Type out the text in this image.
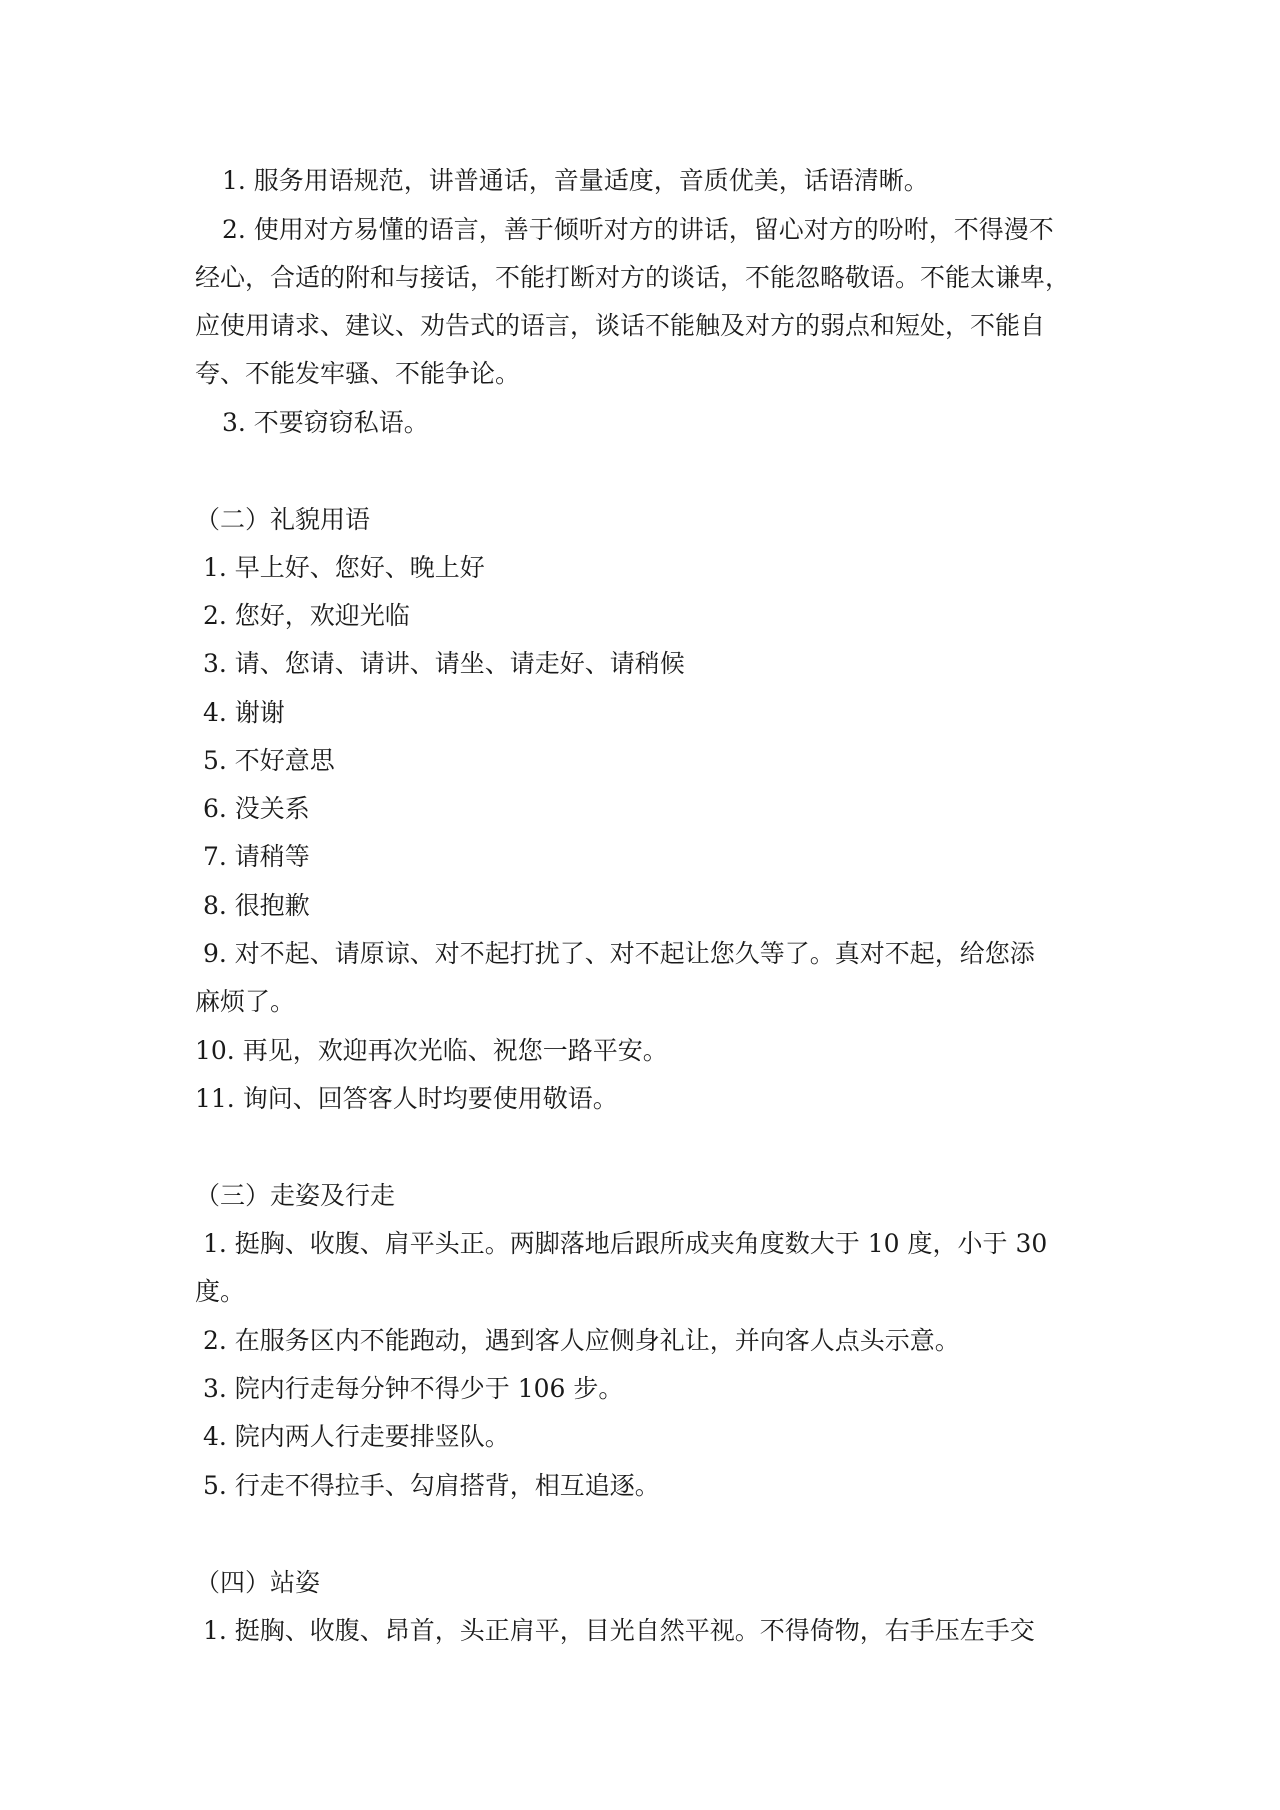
1. 服务用语规范，讲普通话，音量适度，音质优美，话语清晰。
2. 使用对方易懂的语言，善于倾听对方的讲话，留心对方的吩咐，不得漫不
经心，合适的附和与接话，不能打断对方的谈话，不能忽略敬语。不能太谦卑，
应使用请求、建议、劝告式的语言，谈话不能触及对方的弱点和短处，不能自
夸、不能发牢骚、不能争论。
3. 不要窃窃私语。
（二）礼貌用语
1. 早上好、您好、晚上好
2. 您好，欢迎光临
3. 请、您请、请讲、请坐、请走好、请稍候
4. 谢谢
5. 不好意思
6. 没关系
7. 请稍等
8. 很抱歉
9. 对不起、请原谅、对不起打扰了、对不起让您久等了。真对不起，给您添
麻烦了。
10. 再见，欢迎再次光临、祝您一路平安。
11. 询问、回答客人时均要使用敬语。
（三）走姿及行走
1. 挺胸、收腹、肩平头正。两脚落地后跟所成夹角度数大于 10 度，小于 30
度。
2. 在服务区内不能跑动，遇到客人应侧身礼让，并向客人点头示意。
3. 院内行走每分钟不得少于 106 步。
4. 院内两人行走要排竖队。
5. 行走不得拉手、勾肩搭背，相互追逐。
（四）站姿
1. 挺胸、收腹、昂首，头正肩平，目光自然平视。不得倚物，右手压左手交
